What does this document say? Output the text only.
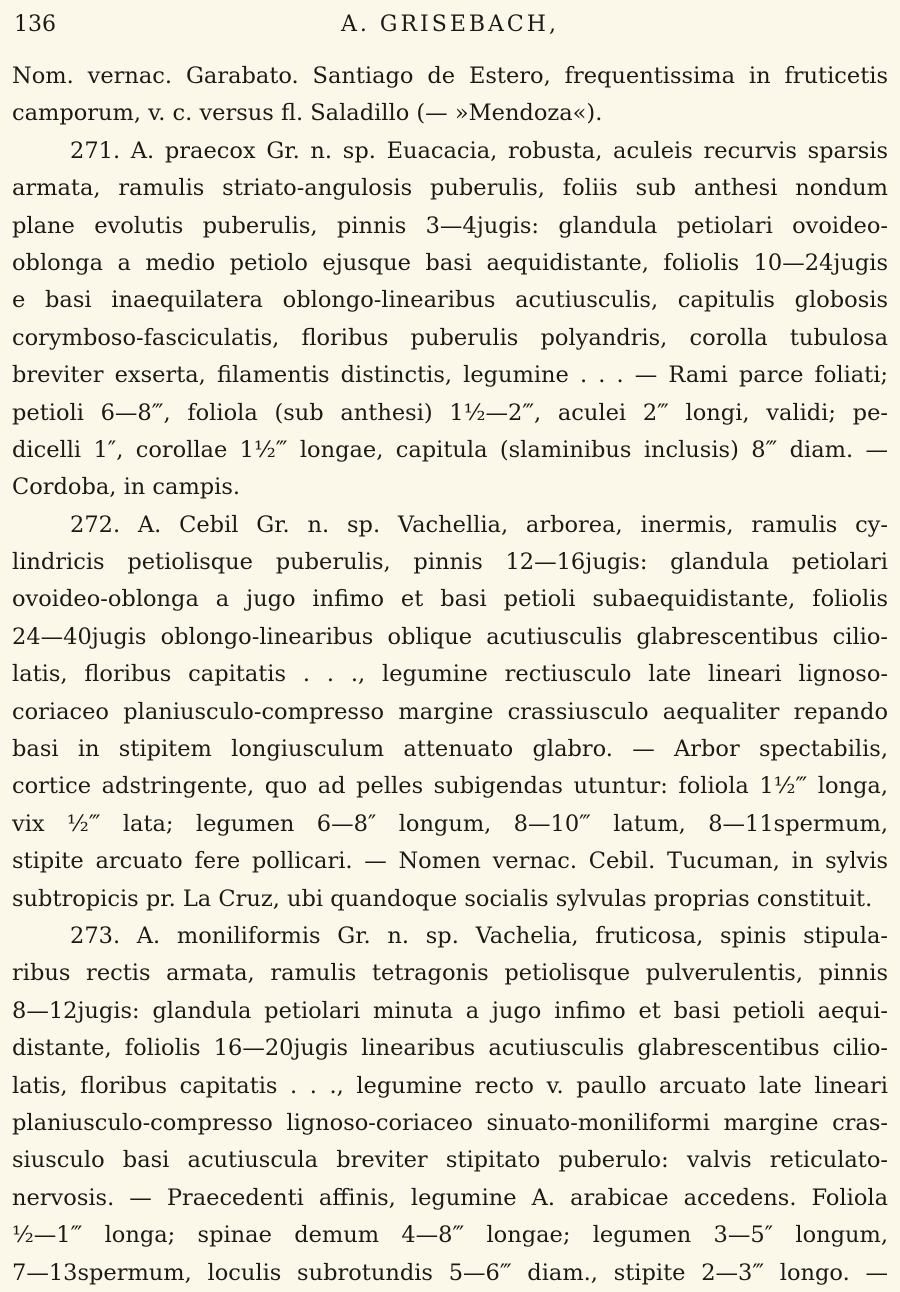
136	A. GRISEBACH,
Nom. vernac. Garabato. Santiago de Estero, frequentissima in fruticetis
camporum, v. c. versus fl. Saladillo (— »Mendoza«).
271. A. praecox Gr. n. sp. Euacacia, robusta, aculeis recurvis sparsis
armata, ramulis striato-angulosis puberulis, foliis sub anthesi nondum
plane evolutis puberulis, pinnis 3—4jugis: glandula petiolari ovoideo-
oblonga a medio petiolo ejusque basi aequidistante, foliolis 10—24jugis
e basi inaequilatera oblongo-linearibus acutiusculis, capitulis globosis
corymboso-fasciculatis, floribus puberulis polyandris, corolla tubulosa
breviter exserta, filamentis distinctis, legumine . . . — Rami parce foliati;
petioli 6—8‴, foliola (sub anthesi) 1½—2‴, aculei 2‴ longi, validi; pe-
dicelli 1″, corollae 1½‴ longae, capitula (slaminibus inclusis) 8‴ diam. —
Cordoba, in campis.
272. A. Cebil Gr. n. sp. Vachellia, arborea, inermis, ramulis cy-
lindricis petiolisque puberulis, pinnis 12—16jugis: glandula petiolari
ovoideo-oblonga a jugo infimo et basi petioli subaequidistante, foliolis
24—40jugis oblongo-linearibus oblique acutiusculis glabrescentibus cilio-
latis, floribus capitatis . . ., legumine rectiusculo late lineari lignoso-
coriaceo planiusculo-compresso margine crassiusculo aequaliter repando
basi in stipitem longiusculum attenuato glabro. — Arbor spectabilis,
cortice adstringente, quo ad pelles subigendas utuntur: foliola 1½‴ longa,
vix ½‴ lata; legumen 6—8″ longum, 8—10‴ latum, 8—11spermum,
stipite arcuato fere pollicari. — Nomen vernac. Cebil. Tucuman, in sylvis
subtropicis pr. La Cruz, ubi quandoque socialis sylvulas proprias constituit.
273. A. moniliformis Gr. n. sp. Vachelia, fruticosa, spinis stipula-
ribus rectis armata, ramulis tetragonis petiolisque pulverulentis, pinnis
8—12jugis: glandula petiolari minuta a jugo infimo et basi petioli aequi-
distante, foliolis 16—20jugis linearibus acutiusculis glabrescentibus cilio-
latis, floribus capitatis . . ., legumine recto v. paullo arcuato late lineari
planiusculo-compresso lignoso-coriaceo sinuato-moniliformi margine cras-
siusculo basi acutiuscula breviter stipitato puberulo: valvis reticulato-
nervosis. — Praecedenti affinis, legumine A. arabicae accedens. Foliola
½—1‴ longa; spinae demum 4—8‴ longae; legumen 3—5″ longum,
7—13spermum, loculis subrotundis 5—6‴ diam., stipite 2—3‴ longo. —
